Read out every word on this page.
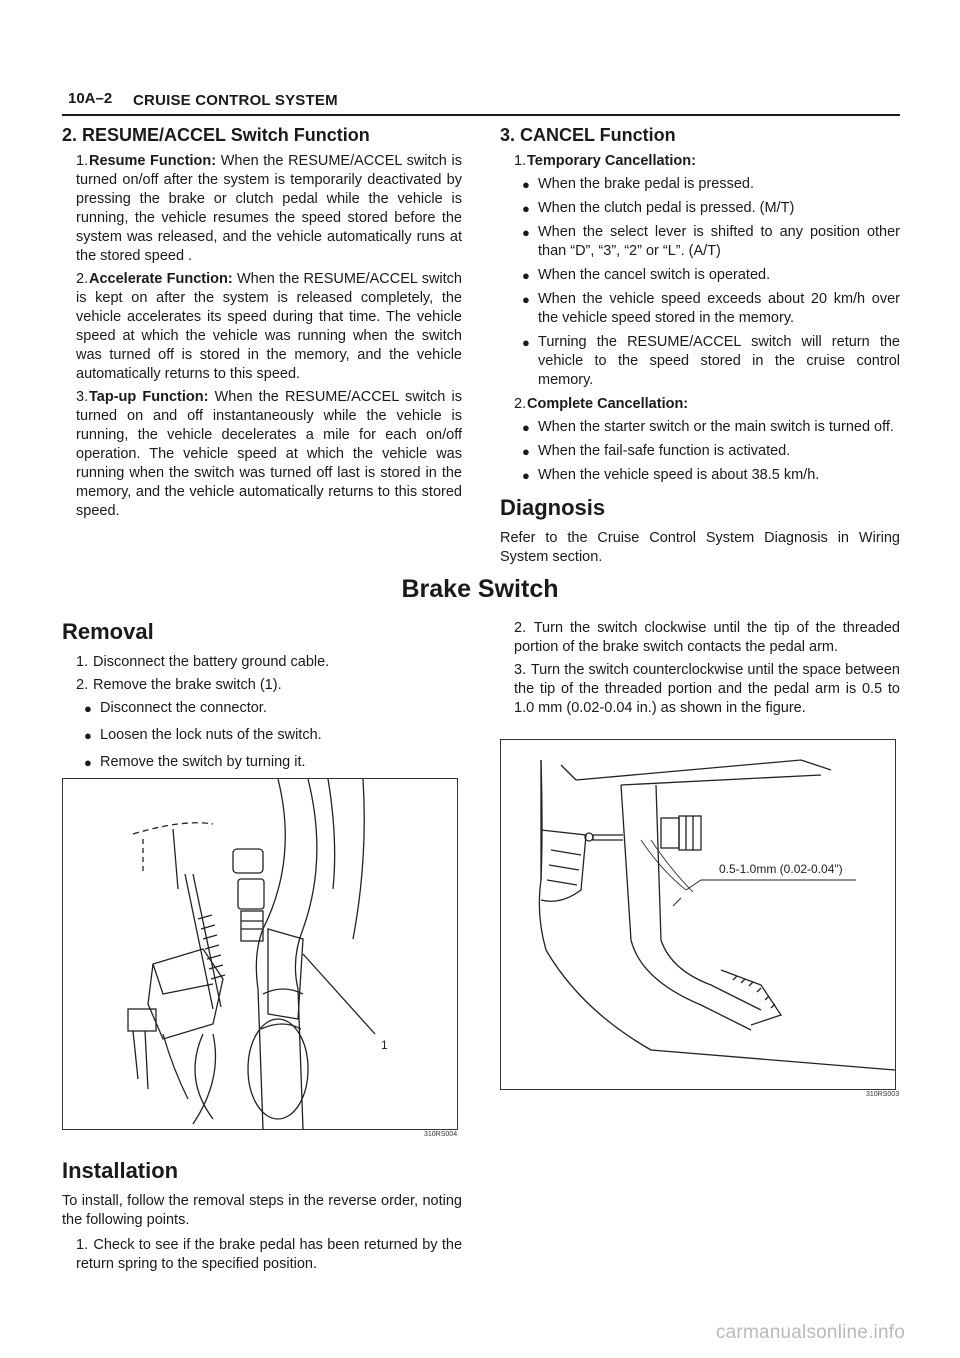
10A–2 CRUISE CONTROL SYSTEM
2. RESUME/ACCEL Switch Function
1.Resume Function: When the RESUME/ACCEL switch is turned on/off after the system is temporarily deactivated by pressing the brake or clutch pedal while the vehicle is running, the vehicle resumes the speed stored before the system was released, and the vehicle automatically runs at the stored speed .
2.Accelerate Function: When the RESUME/ACCEL switch is kept on after the system is released completely, the vehicle accelerates its speed during that time. The vehicle speed at which the vehicle was running when the switch was turned off is stored in the memory, and the vehicle automatically returns to this speed.
3.Tap-up Function: When the RESUME/ACCEL switch is turned on and off instantaneously while the vehicle is running, the vehicle decelerates a mile for each on/off operation. The vehicle speed at which the vehicle was running when the switch was turned off last is stored in the memory, and the vehicle automatically returns to this stored speed.
3. CANCEL Function
1.Temporary Cancellation:
● When the brake pedal is pressed.
● When the clutch pedal is pressed. (M/T)
● When the select lever is shifted to any position other than “D”, “3”, “2” or “L”. (A/T)
● When the cancel switch is operated.
● When the vehicle speed exceeds about 20 km/h over the vehicle speed stored in the memory.
● Turning the RESUME/ACCEL switch will return the vehicle to the speed stored in the cruise control memory.
2.Complete Cancellation:
● When the starter switch or the main switch is turned off.
● When the fail-safe function is activated.
● When the vehicle speed is about 38.5 km/h.
Diagnosis
Refer to the Cruise Control System Diagnosis in Wiring System section.
Brake Switch
Removal
1. Disconnect the battery ground cable.
2. Remove the brake switch (1).
● Disconnect the connector.
● Loosen the lock nuts of the switch.
● Remove the switch by turning it.
1
310RS004
Installation
To install, follow the removal steps in the reverse order, noting the following points.
1. Check to see if the brake pedal has been returned by the return spring to the specified position.
2. Turn the switch clockwise until the tip of the threaded portion of the brake switch contacts the pedal arm.
3. Turn the switch counterclockwise until the space between the tip of the threaded portion and the pedal arm is 0.5 to 1.0 mm (0.02-0.04 in.) as shown in the figure.
0.5-1.0mm (0.02-0.04")
310RS003
carmanualsonline.info
